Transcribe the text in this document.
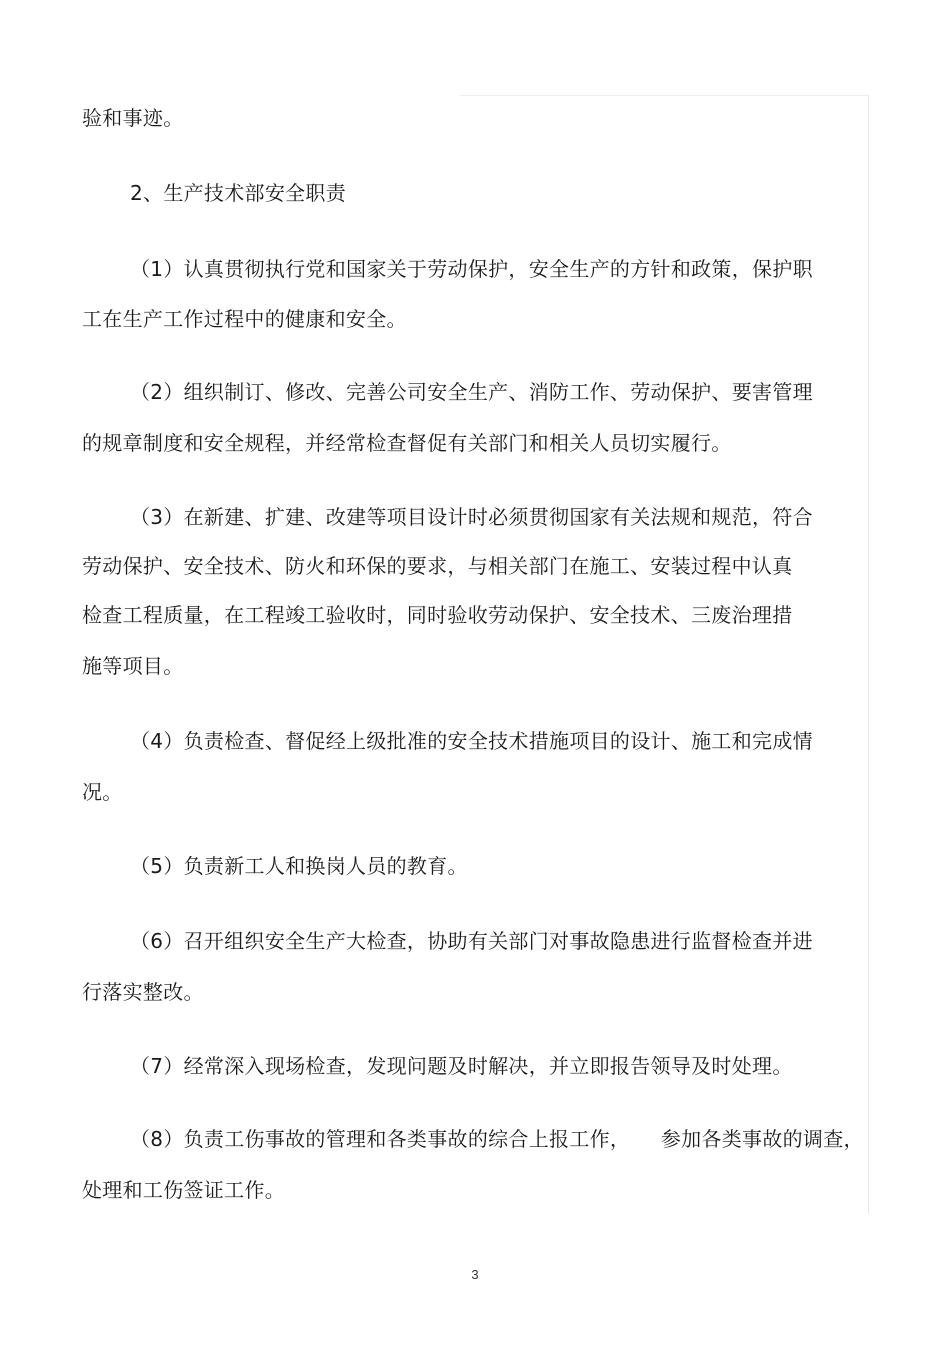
验和事迹。
2、生产技术部安全职责
（1）认真贯彻执行党和国家关于劳动保护，安全生产的方针和政策，保护职
工在生产工作过程中的健康和安全。
（2）组织制订、修改、完善公司安全生产、消防工作、劳动保护、要害管理
的规章制度和安全规程，并经常检查督促有关部门和相关人员切实履行。
（3）在新建、扩建、改建等项目设计时必须贯彻国家有关法规和规范，符合
劳动保护、安全技术、防火和环保的要求，与相关部门在施工、安装过程中认真
检查工程质量，在工程竣工验收时，同时验收劳动保护、安全技术、三废治理措
施等项目。
（4）负责检查、督促经上级批准的安全技术措施项目的设计、施工和完成情
况。
（5）负责新工人和换岗人员的教育。
（6）召开组织安全生产大检查，协助有关部门对事故隐患进行监督检查并进
行落实整改。
（7）经常深入现场检查，发现问题及时解决，并立即报告领导及时处理。
（8）负责工伤事故的管理和各类事故的综合上报工作，　　参加各类事故的调查，
处理和工伤签证工作。
3
